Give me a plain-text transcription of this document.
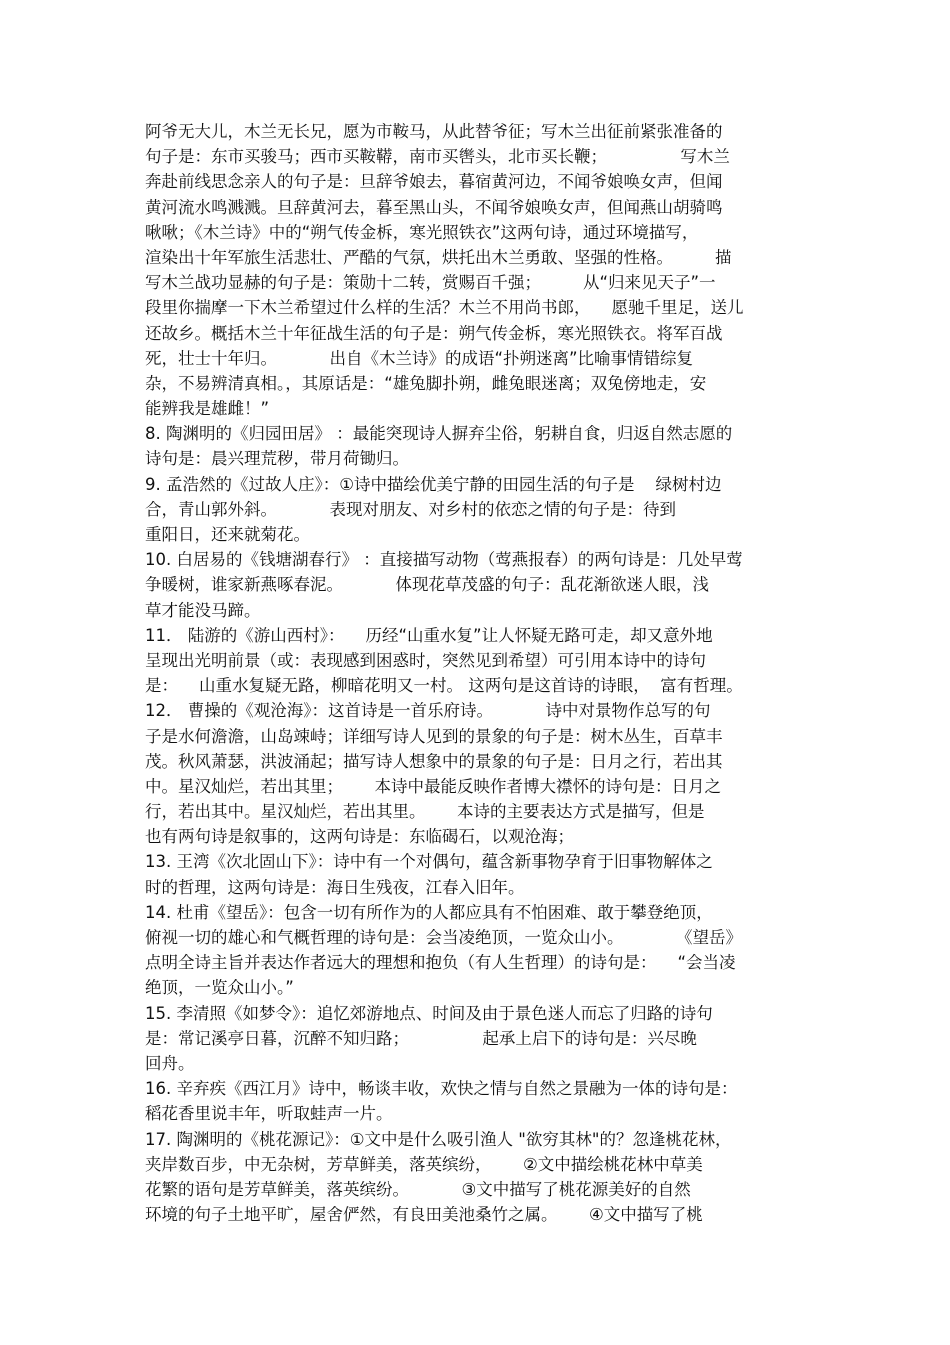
阿爷无大儿，木兰无长兄，愿为市鞍马，从此替爷征；写木兰出征前紧张准备的
句子是：东市买骏马；西市买鞍鞯，南市买辔头，北市买长鞭；              写木兰
奔赴前线思念亲人的句子是：旦辞爷娘去，暮宿黄河边，不闻爷娘唤女声，但闻
黄河流水鸣溅溅。旦辞黄河去，暮至黑山头，不闻爷娘唤女声，但闻燕山胡骑鸣
啾啾；《木兰诗》中的“朔气传金柝，寒光照铁衣”这两句诗，通过环境描写，
渲染出十年军旅生活悲壮、严酷的气氛，烘托出木兰勇敢、坚强的性格。        描
写木兰战功显赫的句子是：策勋十二转，赏赐百千强；        从“归来见天子”一
段里你揣摩一下木兰希望过什么样的生活？木兰不用尚书郎，    愿驰千里足，送儿
还故乡。概括木兰十年征战生活的句子是：朔气传金柝，寒光照铁衣。将军百战
死，壮士十年归。          出自《木兰诗》的成语“扑朔迷离”比喻事情错综复
杂，不易辨清真相。，其原话是：“雄兔脚扑朔，雌兔眼迷离；双兔傍地走，安
能辨我是雄雌！”
8. 陶渊明的《归园田居》 ：最能突现诗人摒弃尘俗，躬耕自食，归返自然志愿的
诗句是：晨兴理荒秽，带月荷锄归。
9. 孟浩然的《过故人庄》：①诗中描绘优美宁静的田园生活的句子是    绿树村边
合，青山郭外斜。          表现对朋友、对乡村的依恋之情的句子是：待到
重阳日，还来就菊花。
10. 白居易的《钱塘湖春行》 ：直接描写动物（莺燕报春）的两句诗是：几处早莺
争暖树，谁家新燕啄春泥。          体现花草茂盛的句子：乱花渐欲迷人眼，浅
草才能没马蹄。
11． 陆游的《游山西村》：    历经“山重水复”让人怀疑无路可走，却又意外地
呈现出光明前景（或：表现感到困惑时，突然见到希望）可引用本诗中的诗句
是：    山重水复疑无路，柳暗花明又一村。 这两句是这首诗的诗眼，  富有哲理。
12． 曹操的《观沧海》：这首诗是一首乐府诗。          诗中对景物作总写的句
子是水何澹澹，山岛竦峙；详细写诗人见到的景象的句子是：树木丛生，百草丰
茂。秋风萧瑟，洪波涌起；描写诗人想象中的景象的句子是：日月之行，若出其
中。星汉灿烂，若出其里；      本诗中最能反映作者博大襟怀的诗句是：日月之
行，若出其中。星汉灿烂，若出其里。      本诗的主要表达方式是描写，但是
也有两句诗是叙事的，这两句诗是：东临碣石，以观沧海；
13. 王湾《次北固山下》：诗中有一个对偶句，蕴含新事物孕育于旧事物解体之
时的哲理，这两句诗是：海日生残夜，江春入旧年。
14. 杜甫《望岳》：包含一切有所作为的人都应具有不怕困难、敢于攀登绝顶，
俯视一切的雄心和气概哲理的诗句是：会当凌绝顶，一览众山小。          《望岳》
点明全诗主旨并表达作者远大的理想和抱负（有人生哲理）的诗句是：    “会当凌
绝顶，一览众山小。”
15. 李清照《如梦令》：追忆郊游地点、时间及由于景色迷人而忘了归路的诗句
是：常记溪亭日暮，沉醉不知归路；              起承上启下的诗句是：兴尽晚
回舟。
16. 辛弃疾《西江月》诗中，畅谈丰收，欢快之情与自然之景融为一体的诗句是：
稻花香里说丰年，听取蛙声一片。
17. 陶渊明的《桃花源记》：①文中是什么吸引渔人 "欲穷其林"的？忽逢桃花林，
夹岸数百步，中无杂树，芳草鲜美，落英缤纷，      ②文中描绘桃花林中草美
花繁的语句是芳草鲜美，落英缤纷。          ③文中描写了桃花源美好的自然
环境的句子土地平旷，屋舍俨然，有良田美池桑竹之属。      ④文中描写了桃
